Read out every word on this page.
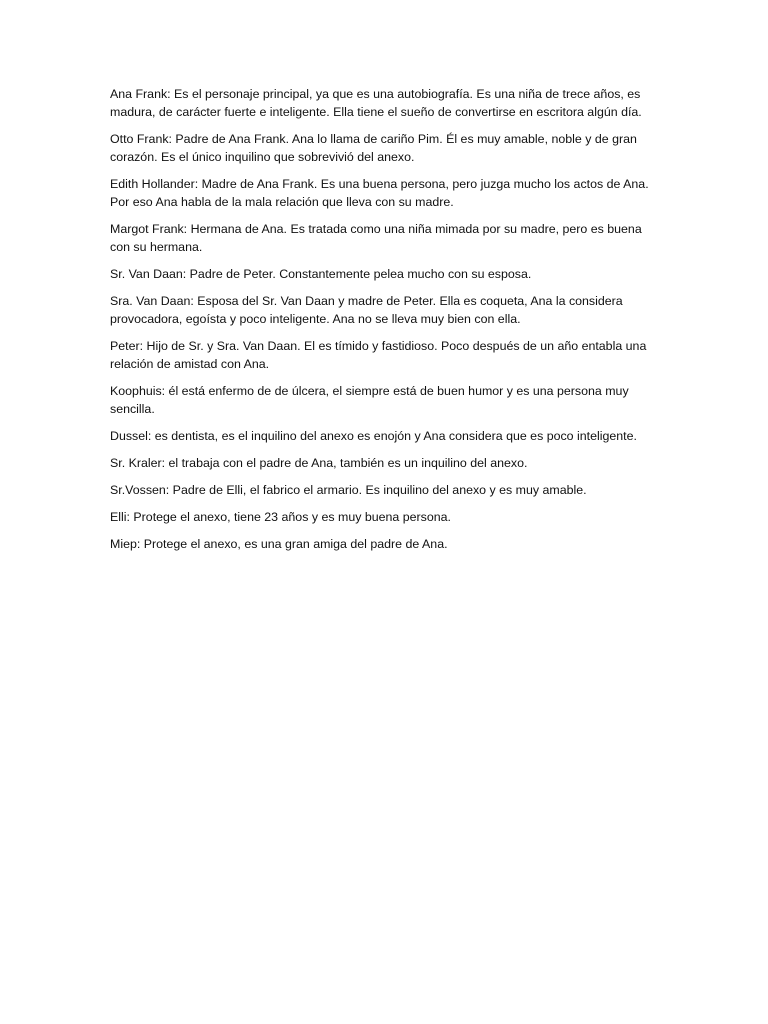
Ana Frank: Es el personaje principal, ya que es una autobiografía. Es una niña de trece años, es madura, de carácter fuerte e inteligente. Ella tiene el sueño de convertirse en escritora algún día.

Otto Frank: Padre de Ana Frank. Ana lo llama de cariño Pim. Él es muy amable, noble y de gran corazón. Es el único inquilino que sobrevivió del anexo.

Edith Hollander: Madre de Ana Frank. Es una buena persona, pero juzga mucho los actos de Ana. Por eso Ana habla de la mala relación que lleva con su madre.

Margot Frank: Hermana de Ana. Es tratada como una niña mimada por su madre, pero es buena con su hermana.

Sr. Van Daan: Padre de Peter. Constantemente pelea mucho con su esposa.

Sra. Van Daan: Esposa del Sr. Van Daan y madre de Peter. Ella es coqueta, Ana la considera provocadora, egoísta y poco inteligente. Ana no se lleva muy bien con ella.

Peter: Hijo de Sr. y Sra. Van Daan. El es tímido y fastidioso. Poco después de un año entabla una relación de amistad con Ana.

Koophuis: él está enfermo de de úlcera, el siempre está de buen humor y es una persona muy sencilla.

Dussel: es dentista, es el inquilino del anexo es enojón y Ana considera que es poco inteligente.

Sr. Kraler: el trabaja con el padre de Ana, también es un inquilino del anexo.

Sr.Vossen: Padre de Elli, el fabrico el armario. Es inquilino del anexo y es muy amable.

Elli: Protege el anexo, tiene 23 años y es muy buena persona.

Miep: Protege el anexo, es una gran amiga del padre de Ana.
